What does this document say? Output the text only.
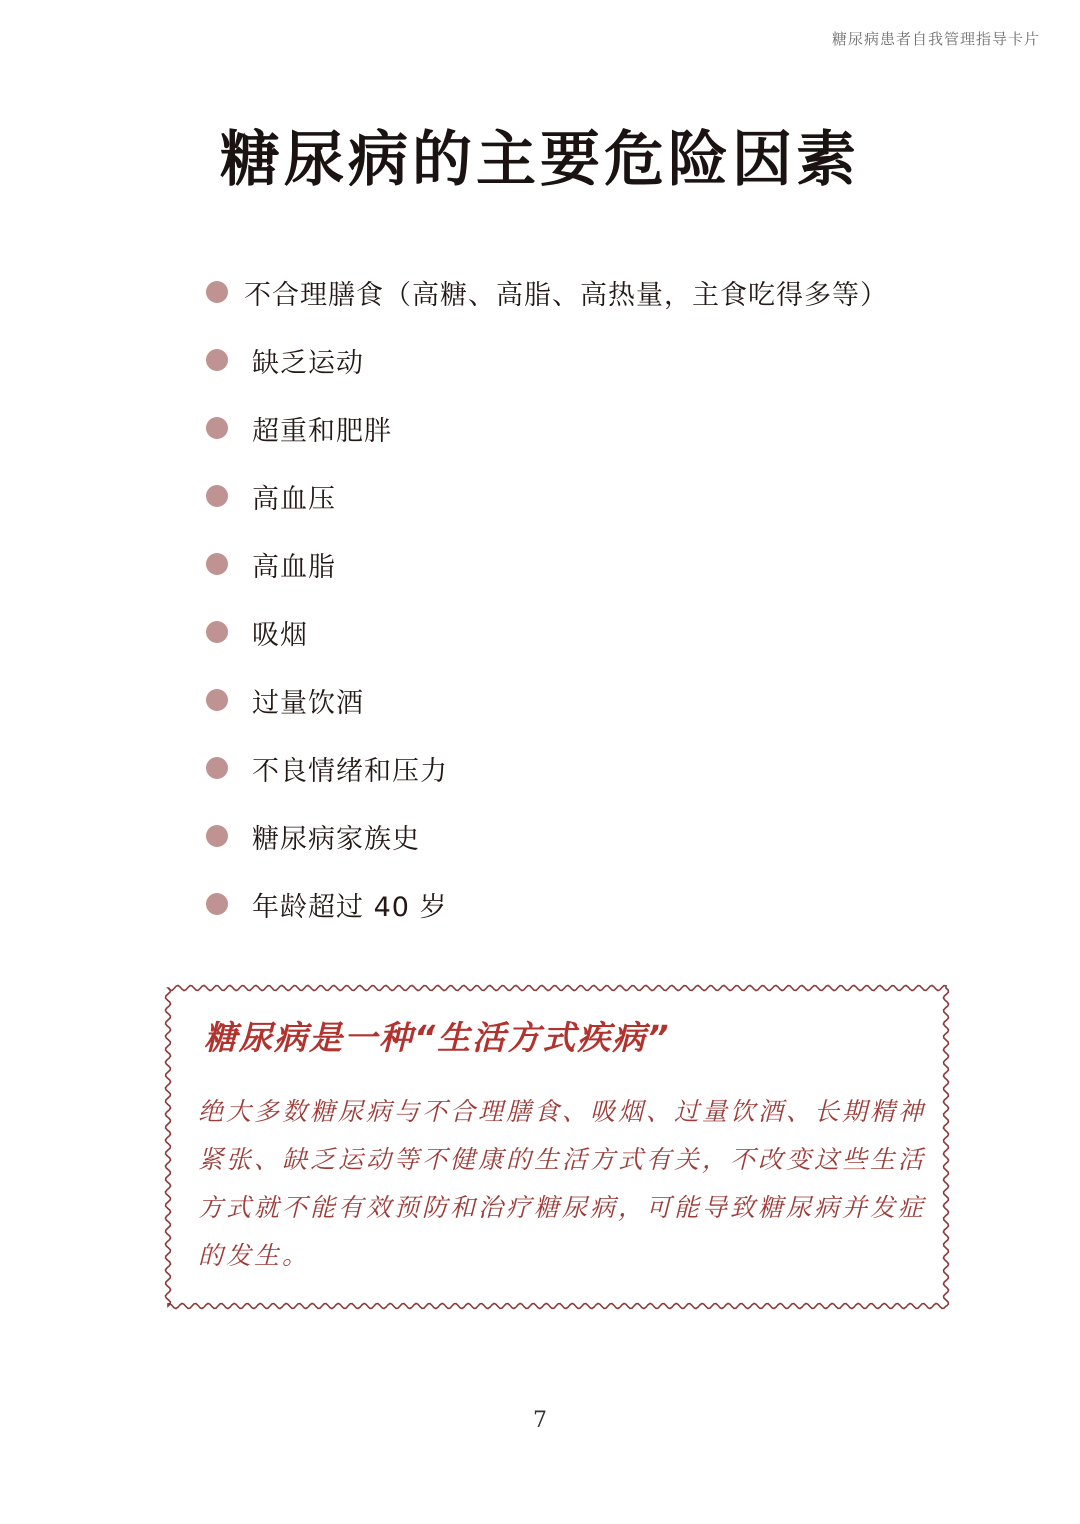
糖尿病患者自我管理指导卡片
糖尿病的主要危险因素
不合理膳食（高糖、高脂、高热量，主食吃得多等）
缺乏运动
超重和肥胖
高血压
高血脂
吸烟
过量饮酒
不良情绪和压力
糖尿病家族史
年龄超过 40 岁
糖尿病是一种“生活方式疾病”

绝大多数糖尿病与不合理膳食、吸烟、过量饮酒、长期精神紧张、缺乏运动等不健康的生活方式有关，不改变这些生活方式就不能有效预防和治疗糖尿病，可能导致糖尿病并发症的发生。

7
